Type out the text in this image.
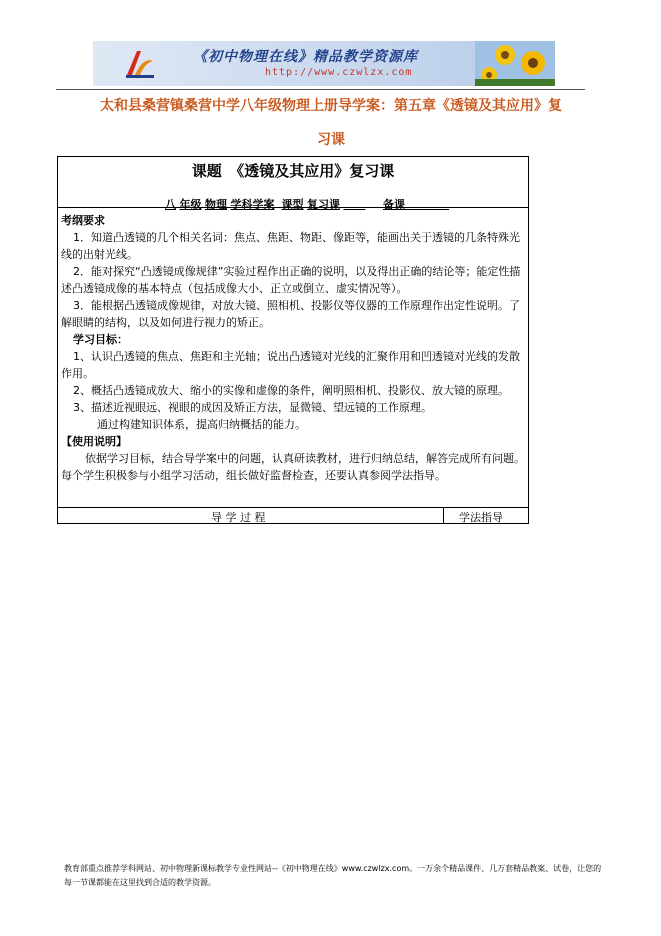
《初中物理在线》精品教学资源库
http://www.czwlzx.com
太和县桑营镇桑营中学八年级物理上册导学案：第五章《透镜及其应用》复
习课
课题　《透镜及其应用》复习课
八 年级 物理 学科学案 课型 复习课 　　	备课　　　　

考纲要求

1．知道凸透镜的几个相关名词：焦点、焦距、物距、像距等，能画出关于透镜的几条特殊光线的出射光线。

2．能对探究“凸透镜成像规律”实验过程作出正确的说明，以及得出正确的结论等；能定性描述凸透镜成像的基本特点（包括成像大小、正立或倒立、虚实情况等）。

3．能根据凸透镜成像规律，对放大镜、照相机、投影仪等仪器的工作原理作出定性说明。了解眼睛的结构，以及如何进行视力的矫正。

学习目标：

1、认识凸透镜的焦点、焦距和主光轴；说出凸透镜对光线的汇聚作用和凹透镜对光线的发散作用。

2、概括凸透镜成放大、缩小的实像和虚像的条件，阐明照相机、投影仪、放大镜的原理。

3、描述近视眼远、视眼的成因及矫正方法，显微镜、望远镜的工作原理。

通过构建知识体系，提高归纳概括的能力。

【使用说明】

依据学习目标，结合导学案中的问题，认真研读教材，进行归纳总结，解答完成所有问题。

每个学生积极参与小组学习活动，组长做好监督检查，还要认真参阅学法指导。

导 学 过 程	学法指导
教育部重点推荐学科网站、初中物理新课标教学专业性网站--《初中物理在线》www.czwlzx.com。一万余个精品课件、几万套精品教案、试卷，让您的每一节课都能在这里找到合适的教学资源。
